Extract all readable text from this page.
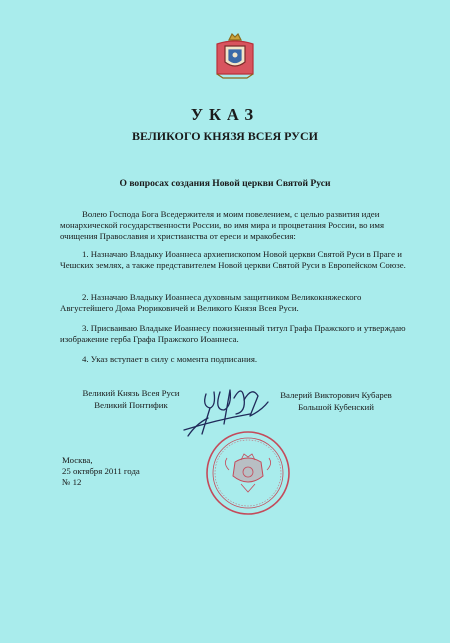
УКАЗ
ВЕЛИКОГО КНЯЗЯ ВСЕЯ РУСИ
О вопросах создания Новой церкви Святой Руси

Волею Господа Бога Вседержителя и моим повелением, с целью развития идеи монархической государственности России, во имя мира и процветания России, во имя очищения Православия и христианства от ереси и мракобесия:

1. Назначаю Владыку Иоаннеса архиепископом Новой церкви Святой Руси в Праге и Чешских землях, а также представителем Новой церкви Святой Руси в Европейском Союзе.

2. Назначаю Владыку Иоаннеса духовным защитником Великокняжеского Августейшего Дома Рюриковичей и Великого Князя Всея Руси.

3. Присваиваю Владыке Иоаннесу пожизненный титул Графа Пражского и утверждаю изображение герба Графа Пражского Иоаннеса.

4. Указ вступает в силу с момента подписания.

Великий Князь Всея Руси
Великий Понтифик
Валерий Викторович Кубарев
Большой Кубенский
Москва,
25 октября 2011 года
№ 12
